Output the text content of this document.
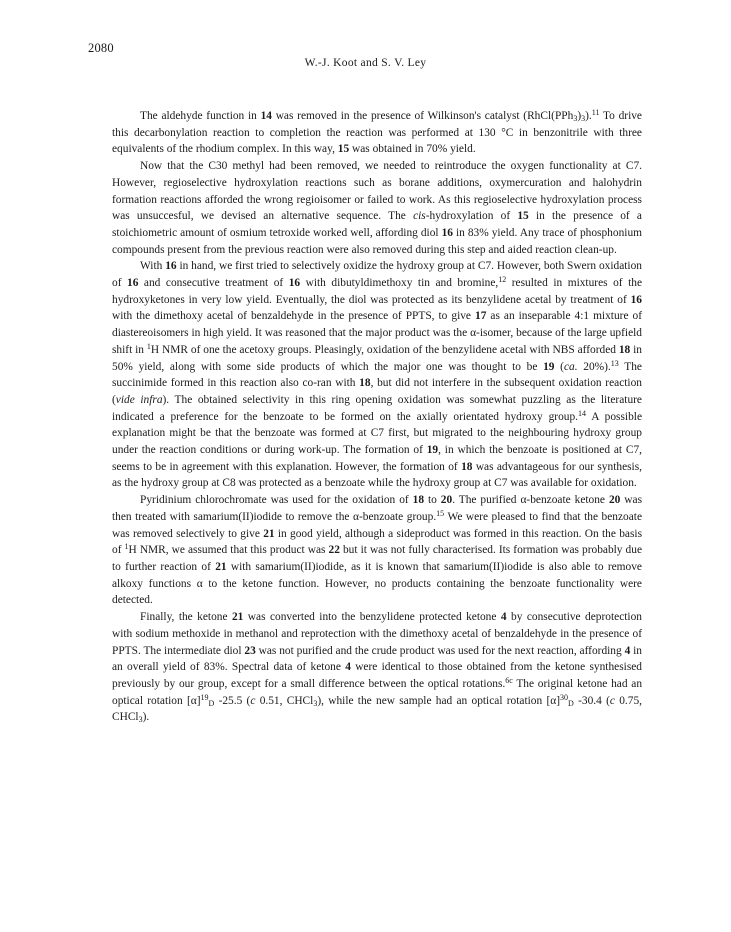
2080
W.-J. Koot and S. V. Ley

The aldehyde function in 14 was removed in the presence of Wilkinson's catalyst $(RhCl(PPh_3)_3).^{11}$ To drive this decarbonylation reaction to completion the reaction was performed at 130 °C in benzonitrile with three equivalents of the rhodium complex. In this way, 15 was obtained in 70% yield.

Now that the C30 methyl had been removed, we needed to reintroduce the oxygen functionality at C7. However, regioselective hydroxylation reactions such as borane additions, oxymercuration and halohydrin formation reactions afforded the wrong regioisomer or failed to work. As this regioselective hydroxylation process was unsuccesful, we devised an alternative sequence. The cis-hydroxylation of 15 in the presence of a stoichiometric amount of osmium tetroxide worked well, affording diol 16 in 83% yield. Any trace of phosphonium compounds present from the previous reaction were also removed during this step and aided reaction clean-up.

With 16 in hand, we first tried to selectively oxidize the hydroxy group at C7. However, both Swern oxidation of 16 and consecutive treatment of 16 with dibutyldimethoxy tin and bromine,$^{12}$ resulted in mixtures of the hydroxyketones in very low yield. Eventually, the diol was protected as its benzylidene acetal by treatment of 16 with the dimethoxy acetal of benzaldehyde in the presence of PPTS, to give 17 as an inseparable 4:1 mixture of diastereoisomers in high yield. It was reasoned that the major product was the α-isomer, because of the large upfield shift in $^1$H NMR of one the acetoxy groups. Pleasingly, oxidation of the benzylidene acetal with NBS afforded 18 in 50% yield, along with some side products of which the major one was thought to be 19 (ca. 20%).$^{13}$ The succinimide formed in this reaction also co-ran with 18, but did not interfere in the subsequent oxidation reaction (vide infra). The obtained selectivity in this ring opening oxidation was somewhat puzzling as the literature indicated a preference for the benzoate to be formed on the axially orientated hydroxy group.$^{14}$ A possible explanation might be that the benzoate was formed at C7 first, but migrated to the neighbouring hydroxy group under the reaction conditions or during work-up. The formation of 19, in which the benzoate is positioned at C7, seems to be in agreement with this explanation. However, the formation of 18 was advantageous for our synthesis, as the hydroxy group at C8 was protected as a benzoate while the hydroxy group at C7 was available for oxidation.

Pyridinium chlorochromate was used for the oxidation of 18 to 20. The purified α-benzoate ketone 20 was then treated with samarium(II)iodide to remove the α-benzoate group.$^{15}$ We were pleased to find that the benzoate was removed selectively to give 21 in good yield, although a sideproduct was formed in this reaction. On the basis of $^1$H NMR, we assumed that this product was 22 but it was not fully characterised. Its formation was probably due to further reaction of 21 with samarium(II)iodide, as it is known that samarium(II)iodide is also able to remove alkoxy functions α to the ketone function. However, no products containing the benzoate functionality were detected.

Finally, the ketone 21 was converted into the benzylidene protected ketone 4 by consecutive deprotection with sodium methoxide in methanol and reprotection with the dimethoxy acetal of benzaldehyde in the presence of PPTS. The intermediate diol 23 was not purified and the crude product was used for the next reaction, affording 4 in an overall yield of 83%. Spectral data of ketone 4 were identical to those obtained from the ketone synthesised previously by our group, except for a small difference between the optical rotations.$^{6c}$ The original ketone had an optical rotation $[\alpha]^{19}_D$ -25.5 (c 0.51, CHCl$_3$), while the new sample had an optical rotation $[\alpha]^{30}_D$ -30.4 (c 0.75, CHCl$_3$).
